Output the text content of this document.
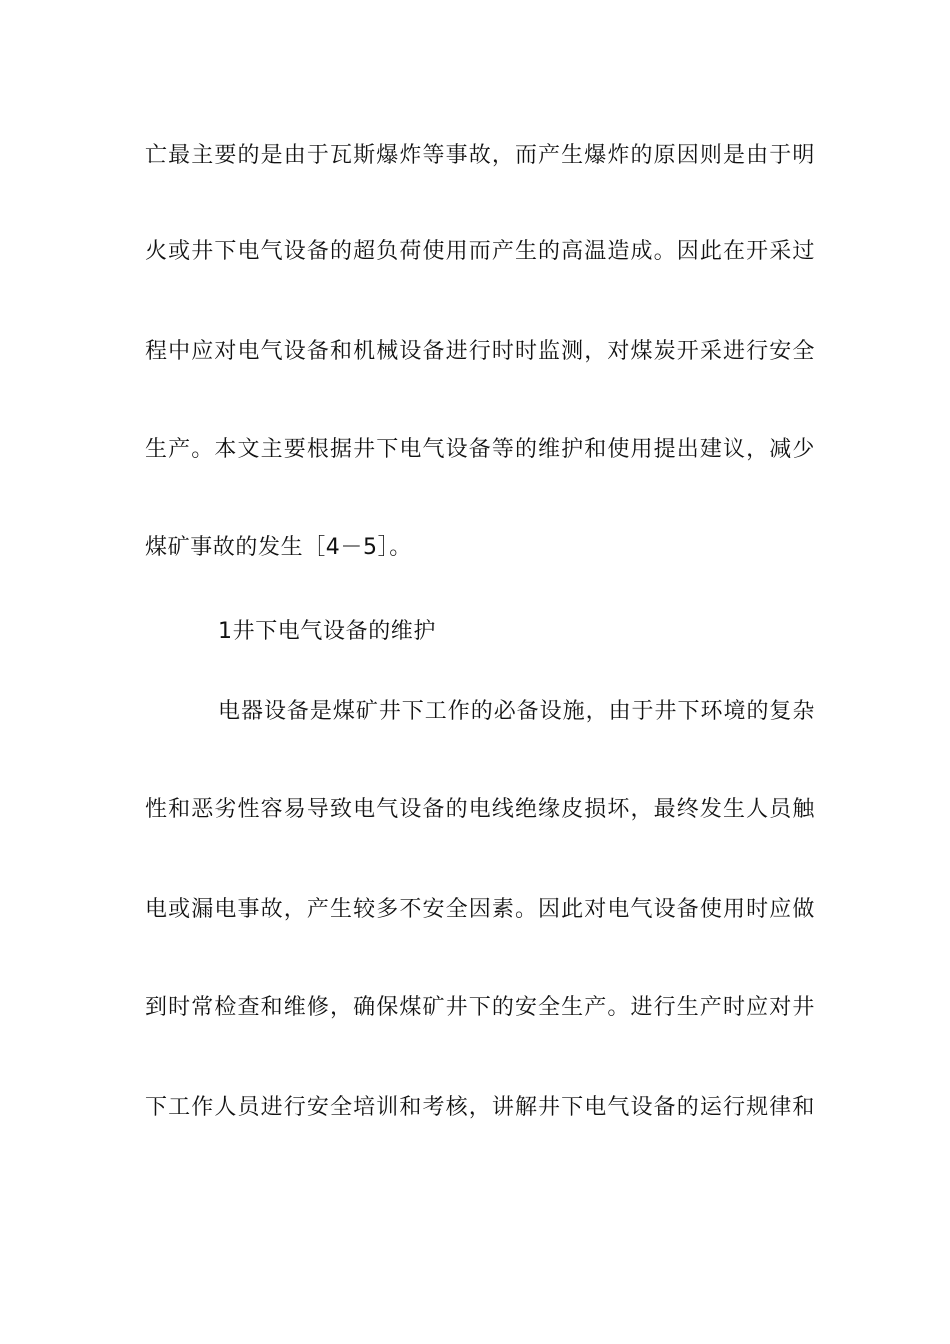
亡最主要的是由于瓦斯爆炸等事故，而产生爆炸的原因则是由于明
火或井下电气设备的超负荷使用而产生的高温造成。因此在开采过
程中应对电气设备和机械设备进行时时监测，对煤炭开采进行安全
生产。本文主要根据井下电气设备等的维护和使用提出建议，减少
煤矿事故的发生［4－5］。
1井下电气设备的维护
电器设备是煤矿井下工作的必备设施，由于井下环境的复杂
性和恶劣性容易导致电气设备的电线绝缘皮损坏，最终发生人员触
电或漏电事故，产生较多不安全因素。因此对电气设备使用时应做
到时常检查和维修，确保煤矿井下的安全生产。进行生产时应对井
下工作人员进行安全培训和考核，讲解井下电气设备的运行规律和
